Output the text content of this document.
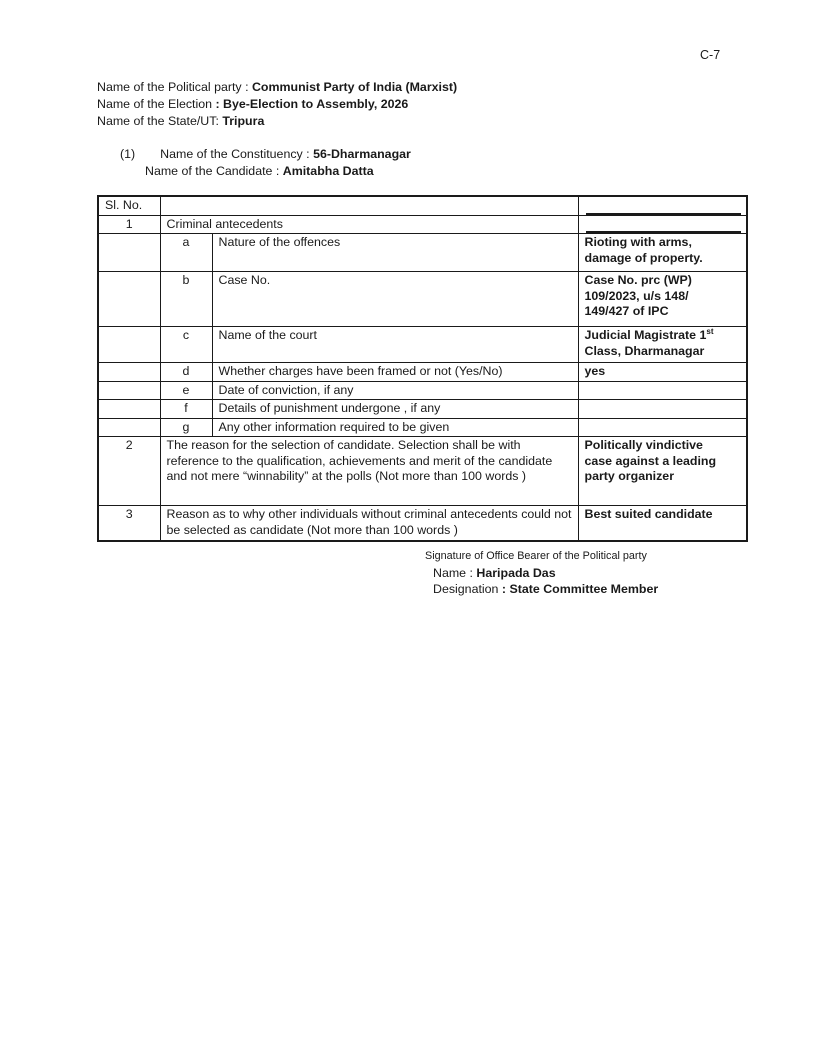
C-7
Name of the Political party : Communist Party of India (Marxist)
Name of the Election : Bye-Election to Assembly, 2026
Name of the State/UT: Tripura
(1) Name of the Constituency : 56-Dharmanagar
Name of the Candidate : Amitabha Datta
Sl. No.			

1	Criminal antecedents		

	a	Nature of the offences	Rioting with arms,
damage of property.

	b	Case No.	Case No. prc (WP)
109/2023, u/s 148/
149/427 of IPC

	c	Name of the court	Judicial Magistrate 1st
Class, Dharmanagar

	d	Whether charges have been framed or not (Yes/No)	yes
	e	Date of conviction, if any	
	f	Details of punishment undergone , if any	
	g	Any other information required to be given	
2	The reason for the selection of candidate. Selection shall be with reference to the qualification, achievements and merit of the candidate and not mere “winnability” at the polls (Not more than 100 words )	
Politically vindictive
case against a leading
party organizer

3	Reason as to why other individuals without criminal antecedents could not be selected as candidate (Not more than 100 words )		Best suited candidate
Signature of Office Bearer of the Political party
Name : Haripada Das
Designation : State Committee Member
